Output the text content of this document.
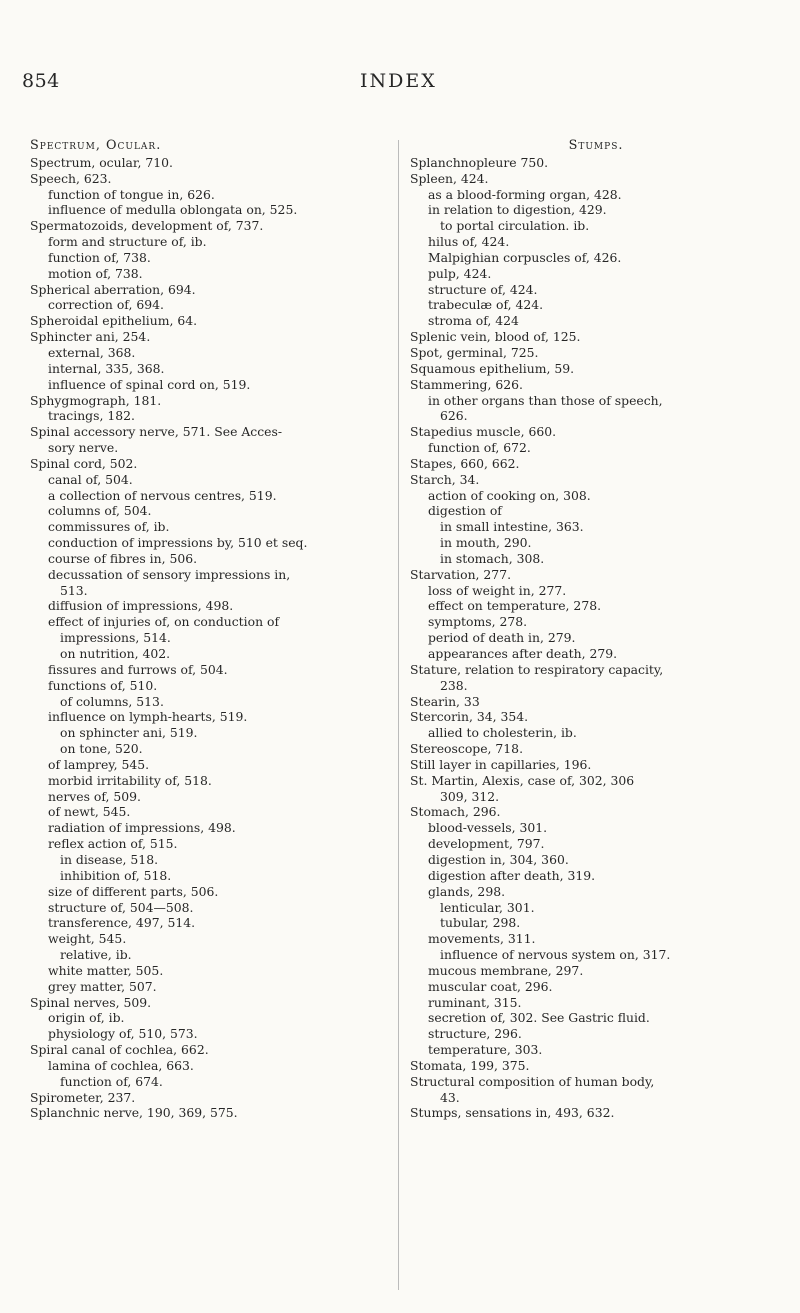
854	INDEX
Spectrum, Ocular.
Spectrum, ocular, 710.
Speech, 623.
function of tongue in, 626.
influence of medulla oblongata on, 525.
Spermatozoids, development of, 737.
form and structure of, ib.
function of, 738.
motion of, 738.
Spherical aberration, 694.
correction of, 694.
Spheroidal epithelium, 64.
Sphincter ani, 254.
external, 368.
internal, 335, 368.
influence of spinal cord on, 519.
Sphygmograph, 181.
tracings, 182.
Spinal accessory nerve, 571. See Acces-
sory nerve.
Spinal cord, 502.
canal of, 504.
a collection of nervous centres, 519.
columns of, 504.
commissures of, ib.
conduction of impressions by, 510 et seq.
course of fibres in, 506.
decussation of sensory impressions in,
513.
diffusion of impressions, 498.
effect of injuries of, on conduction of
impressions, 514.
on nutrition, 402.
fissures and furrows of, 504.
functions of, 510.
of columns, 513.
influence on lymph-hearts, 519.
on sphincter ani, 519.
on tone, 520.
of lamprey, 545.
morbid irritability of, 518.
nerves of, 509.
of newt, 545.
radiation of impressions, 498.
reflex action of, 515.
in disease, 518.
inhibition of, 518.
size of different parts, 506.
structure of, 504—508.
transference, 497, 514.
weight, 545.
relative, ib.
white matter, 505.
grey matter, 507.
Spinal nerves, 509.
origin of, ib.
physiology of, 510, 573.
Spiral canal of cochlea, 662.
lamina of cochlea, 663.
function of, 674.
Spirometer, 237.
Splanchnic nerve, 190, 369, 575.
Stumps.
Splanchnopleure 750.
Spleen, 424.
as a blood-forming organ, 428.
in relation to digestion, 429.
to portal circulation. ib.
hilus of, 424.
Malpighian corpuscles of, 426.
pulp, 424.
structure of, 424.
trabeculæ of, 424.
stroma of, 424
Splenic vein, blood of, 125.
Spot, germinal, 725.
Squamous epithelium, 59.
Stammering, 626.
in other organs than those of speech,
626.
Stapedius muscle, 660.
function of, 672.
Stapes, 660, 662.
Starch, 34.
action of cooking on, 308.
digestion of
in small intestine, 363.
in mouth, 290.
in stomach, 308.
Starvation, 277.
loss of weight in, 277.
effect on temperature, 278.
symptoms, 278.
period of death in, 279.
appearances after death, 279.
Stature, relation to respiratory capacity,
238.
Stearin, 33
Stercorin, 34, 354.
allied to cholesterin, ib.
Stereoscope, 718.
Still layer in capillaries, 196.
St. Martin, Alexis, case of, 302, 306
309, 312.
Stomach, 296.
blood-vessels, 301.
development, 797.
digestion in, 304, 360.
digestion after death, 319.
glands, 298.
lenticular, 301.
tubular, 298.
movements, 311.
influence of nervous system on, 317.
mucous membrane, 297.
muscular coat, 296.
ruminant, 315.
secretion of, 302. See Gastric fluid.
structure, 296.
temperature, 303.
Stomata, 199, 375.
Structural composition of human body,
43.
Stumps, sensations in, 493, 632.
